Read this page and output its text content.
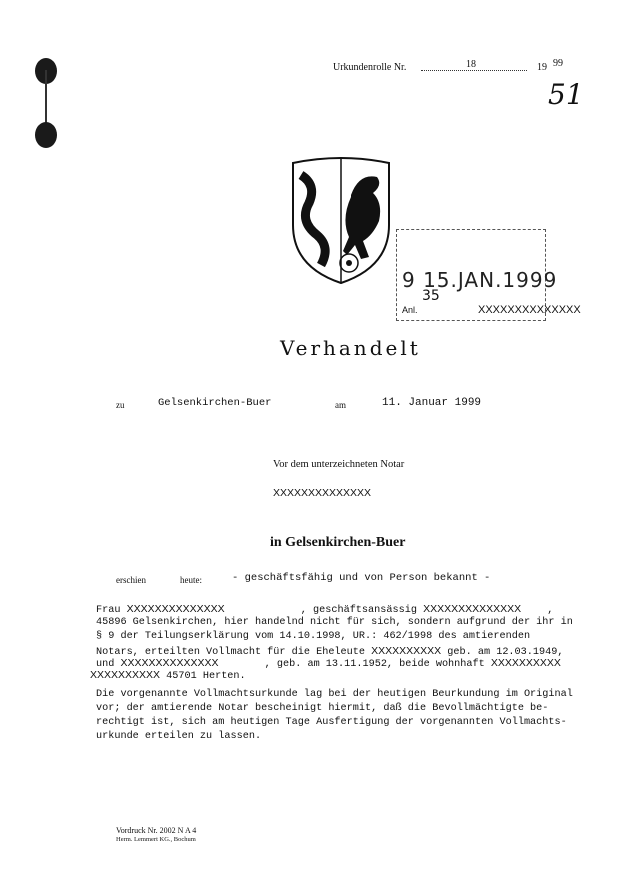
Urkundenrolle Nr.	18	19 99
51
9 15.JAN.1999
35
Anl.	XXXXXXXXXXXXXX
Verhandelt
zu	Gelsenkirchen-Buer	am	11. Januar 1999
Vor dem unterzeichneten Notar
XXXXXXXXXXXXXX
in Gelsenkirchen-Buer
erschien	heute:	- geschäftsfähig und von Person bekannt -
Frau XXXXXXXXXXXXXX	, geschäftsansässig XXXXXXXXXXXXXX	,
45896 Gelsenkirchen, hier handelnd nicht für sich, sondern aufgrund der ihr in
§ 9 der Teilungserklärung vom 14.10.1998, UR.: 462/1998 des amtierenden
Notars, erteilten Vollmacht für die Eheleute XXXXXXXXXX geb. am 12.03.1949,
und XXXXXXXXXXXXXX	, geb. am 13.11.1952, beide wohnhaft XXXXXXXXXX
XXXXXXXXXX 45701 Herten.
Die vorgenannte Vollmachtsurkunde lag bei der heutigen Beurkundung im Original
vor; der amtierende Notar bescheinigt hiermit, daß die Bevollmächtigte be-
rechtigt ist, sich am heutigen Tage Ausfertigung der vorgenannten Vollmachts-
urkunde erteilen zu lassen.
Vordruck Nr. 2002 N A 4
Herm. Lemmert KG., Bochum
